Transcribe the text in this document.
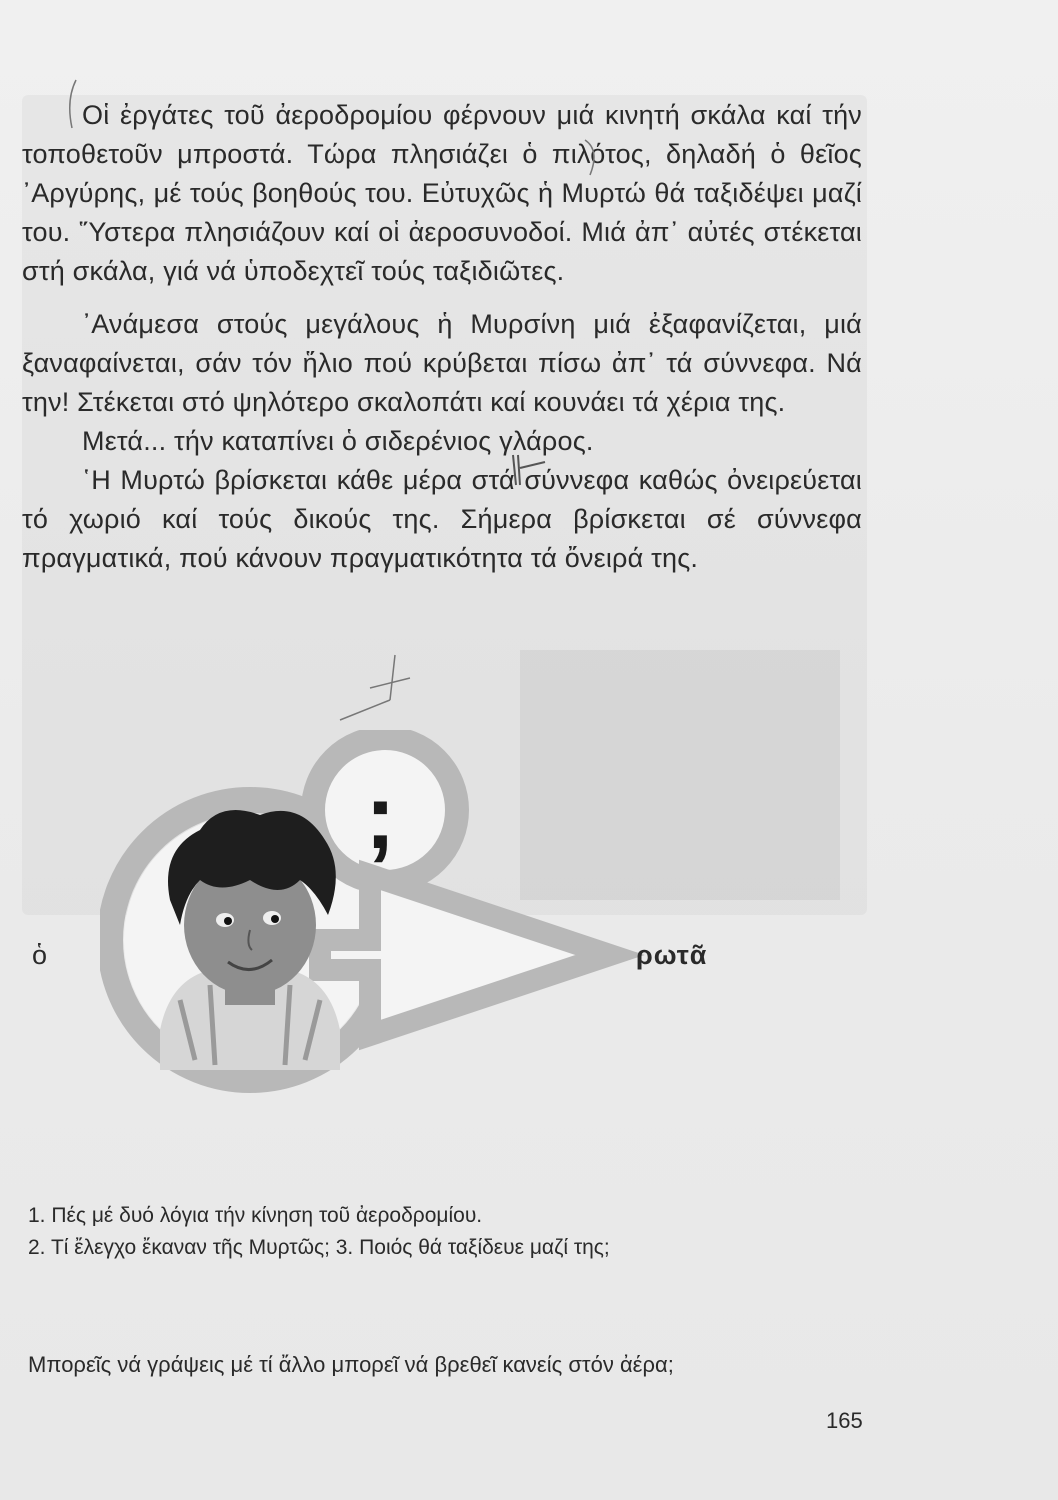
Οἱ ἐργάτες τοῦ ἀεροδρομίου φέρνουν μιά κινητή σκάλα καί τήν τοποθετοῦν μπροστά. Τώρα πλησιάζει ὁ πιλότος, δηλαδή ὁ θεῖος ᾿Αργύρης, μέ τούς βοηθούς του. Εὐτυχῶς ἡ Μυρτώ θά ταξιδέψει μαζί του. ῞Υστερα πλησιάζουν καί οἱ ἀεροσυνοδοί. Μιά ἀπ᾿ αὐτές στέκεται στή σκάλα, γιά νά ὑποδεχτεῖ τούς ταξιδιῶτες.

᾿Ανάμεσα στούς μεγάλους ἡ Μυρσίνη μιά ἐξαφανίζεται, μιά ξαναφαίνεται, σάν τόν ἥλιο πού κρύβεται πίσω ἀπ᾿ τά σύννεφα. Νά την! Στέκεται στό ψηλότερο σκαλοπάτι καί κουνάει τά χέρια της.

Μετά... τήν καταπίνει ὁ σιδερένιος γλάρος.

῾Η Μυρτώ βρίσκεται κάθε μέρα στά σύννεφα καθώς ὀνειρεύεται τό χωριό καί τούς δικούς της. Σήμερα βρίσκεται σέ σύννεφα πραγματικά, πού κάνουν πραγματικότητα τά ὄνειρά της.

;
ὁ	ρωτᾶ
1. Πές μέ δυό λόγια τήν κίνηση τοῦ ἀεροδρομίου.
2. Τί ἔλεγχο ἔκαναν τῆς Μυρτῶς; 3. Ποιός θά ταξίδευε μαζί της;
Μπορεῖς νά γράψεις μέ τί ἄλλο μπορεῖ νά βρεθεῖ κανείς στόν ἀέρα;
165
